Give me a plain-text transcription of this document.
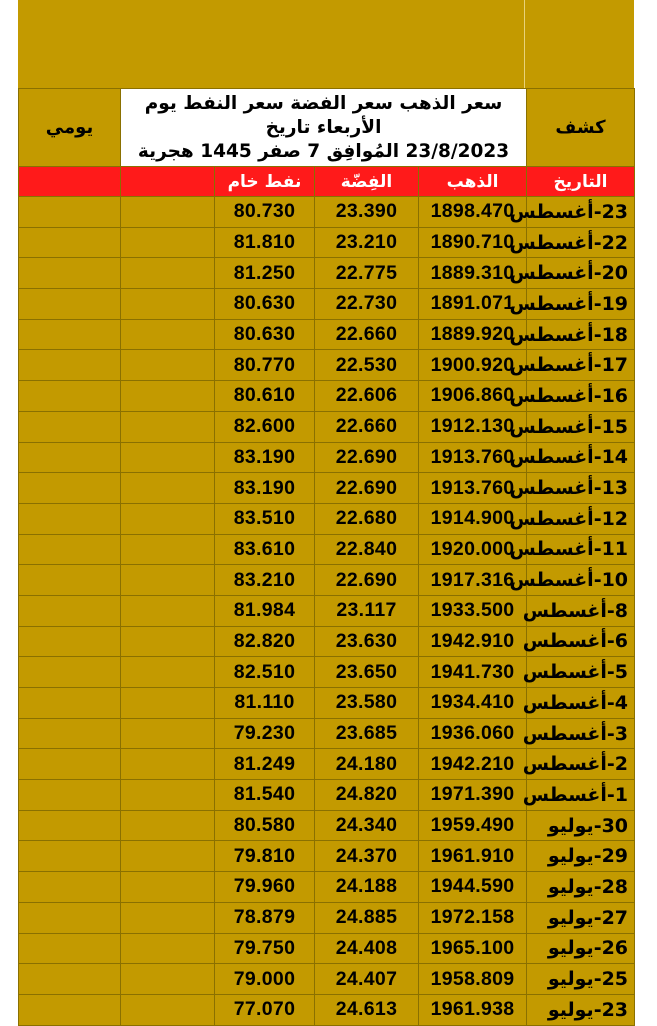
يومي	سعر الذهب سعر الفضة سعر النفط يوم الأربعاء تاريخ
23/8/2023 المُوافِق 7 صفر 1445 هجرية				كشف
		نفط خام	الفِضّة	الذهب	التاريخ
		80.730	23.390	1898.470	23-أغسطس
		81.810	23.210	1890.710	22-أغسطس
		81.250	22.775	1889.310	20-أغسطس
		80.630	22.730	1891.071	19-أغسطس
		80.630	22.660	1889.920	18-أغسطس
		80.770	22.530	1900.920	17-أغسطس
		80.610	22.606	1906.860	16-أغسطس
		82.600	22.660	1912.130	15-أغسطس
		83.190	22.690	1913.760	14-أغسطس
		83.190	22.690	1913.760	13-أغسطس
		83.510	22.680	1914.900	12-أغسطس
		83.610	22.840	1920.000	11-أغسطس
		83.210	22.690	1917.316	10-أغسطس
		81.984	23.117	1933.500	8-أغسطس
		82.820	23.630	1942.910	6-أغسطس
		82.510	23.650	1941.730	5-أغسطس
		81.110	23.580	1934.410	4-أغسطس
		79.230	23.685	1936.060	3-أغسطس
		81.249	24.180	1942.210	2-أغسطس
		81.540	24.820	1971.390	1-أغسطس
		80.580	24.340	1959.490	30-يوليو
		79.810	24.370	1961.910	29-يوليو
		79.960	24.188	1944.590	28-يوليو
		78.879	24.885	1972.158	27-يوليو
		79.750	24.408	1965.100	26-يوليو
		79.000	24.407	1958.809	25-يوليو
		77.070	24.613	1961.938	23-يوليو
